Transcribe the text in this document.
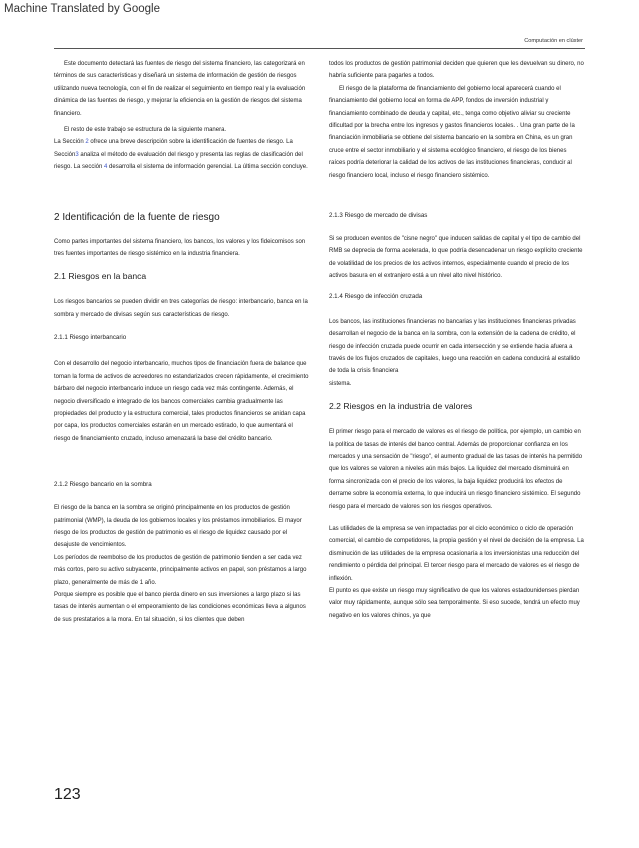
Machine Translated by Google
Computación en clúster

Este documento detectará las fuentes de riesgo del sistema financiero, las categorizará en términos de sus características y diseñará un sistema de información de gestión de riesgos utilizando nueva tecnología, con el fin de realizar el seguimiento en tiempo real y la evaluación dinámica de las fuentes de riesgo, y mejorar la eficiencia en la gestión de riesgos del sistema financiero.

El resto de este trabajo se estructura de la siguiente manera.

La Sección 2 ofrece una breve descripción sobre la identificación de fuentes de riesgo. La Sección3 analiza el método de evaluación del riesgo y presenta las reglas de clasificación del riesgo. La sección 4 desarrolla el sistema de información gerencial. La última sección concluye.

2 Identificación de la fuente de riesgo

Como partes importantes del sistema financiero, los bancos, los valores y los fideicomisos son tres fuentes importantes de riesgo sistémico en la industria financiera.

2.1 Riesgos en la banca

Los riesgos bancarios se pueden dividir en tres categorías de riesgo: interbancario, banca en la sombra y mercado de divisas según sus características de riesgo.

2.1.1 Riesgo interbancario

Con el desarrollo del negocio interbancario, muchos tipos de financiación fuera de balance que toman la forma de activos de acreedores no estandarizados crecen rápidamente, el crecimiento bárbaro del negocio interbancario induce un riesgo cada vez más contingente. Además, el negocio diversificado e integrado de los bancos comerciales cambia gradualmente las propiedades del producto y la estructura comercial, tales productos financieros se anidan capa por capa, los productos comerciales estarán en un mercado estirado, lo que aumentará el riesgo de financiamiento cruzado, incluso amenazará la base del crédito bancario.

2.1.2 Riesgo bancario en la sombra

El riesgo de la banca en la sombra se originó principalmente en los productos de gestión patrimonial (WMP), la deuda de los gobiernos locales y los préstamos inmobiliarios. El mayor riesgo de los productos de gestión de patrimonio es el riesgo de liquidez causado por el desajuste de vencimientos.

Los períodos de reembolso de los productos de gestión de patrimonio tienden a ser cada vez más cortos, pero su activo subyacente, principalmente activos en papel, son préstamos a largo plazo, generalmente de más de 1 año.

Porque siempre es posible que el banco pierda dinero en sus inversiones a largo plazo si las tasas de interés aumentan o el empeoramiento de las condiciones económicas lleva a algunos de sus prestatarios a la mora. En tal situación, si los clientes que deben

todos los productos de gestión patrimonial deciden que quieren que les devuelvan su dinero, no habría suficiente para pagarles a todos.

El riesgo de la plataforma de financiamiento del gobierno local aparecerá cuando el financiamiento del gobierno local en forma de APP, fondos de inversión industrial y financiamiento combinado de deuda y capital, etc., tenga como objetivo aliviar su creciente dificultad por la brecha entre los ingresos y gastos financieros locales. . Una gran parte de la financiación inmobiliaria se obtiene del sistema bancario en la sombra en China, es un gran cruce entre el sector inmobiliario y el sistema ecológico financiero, el riesgo de los bienes raíces podría deteriorar la calidad de los activos de las instituciones financieras, conducir al riesgo financiero local, incluso el riesgo financiero sistémico.

2.1.3 Riesgo de mercado de divisas

Si se producen eventos de "cisne negro" que inducen salidas de capital y el tipo de cambio del RMB se deprecia de forma acelerada, lo que podría desencadenar un riesgo explícito creciente de volatilidad de los precios de los activos internos, especialmente cuando el precio de los activos basura en el extranjero está a un nivel alto nivel histórico.

2.1.4 Riesgo de infección cruzada

Los bancos, las instituciones financieras no bancarias y las instituciones financieras privadas desarrollan el negocio de la banca en la sombra, con la extensión de la cadena de crédito, el riesgo de infección cruzada puede ocurrir en cada intersección y se extiende hacia afuera a través de los flujos cruzados de capitales, luego una reacción en cadena conducirá al estallido de toda la crisis financiera

sistema.

2.2 Riesgos en la industria de valores

El primer riesgo para el mercado de valores es el riesgo de política, por ejemplo, un cambio en la política de tasas de interés del banco central. Además de proporcionar confianza en los mercados y una sensación de "riesgo", el aumento gradual de las tasas de interés ha permitido que los valores se valoren a niveles aún más bajos. La liquidez del mercado disminuirá en forma sincronizada con el precio de los valores, la baja liquidez producirá los efectos de derrame sobre la economía externa, lo que inducirá un riesgo financiero sistémico. El segundo riesgo para el mercado de valores son los riesgos operativos.

Las utilidades de la empresa se ven impactadas por el ciclo económico o ciclo de operación comercial, el cambio de competidores, la propia gestión y el nivel de decisión de la empresa. La disminución de las utilidades de la empresa ocasionaría a los inversionistas una reducción del rendimiento o pérdida del principal. El tercer riesgo para el mercado de valores es el riesgo de inflexión.

El punto es que existe un riesgo muy significativo de que los valores estadounidenses pierdan valor muy rápidamente, aunque sólo sea temporalmente. Si eso sucede, tendrá un efecto muy negativo en los valores chinos, ya que

123
